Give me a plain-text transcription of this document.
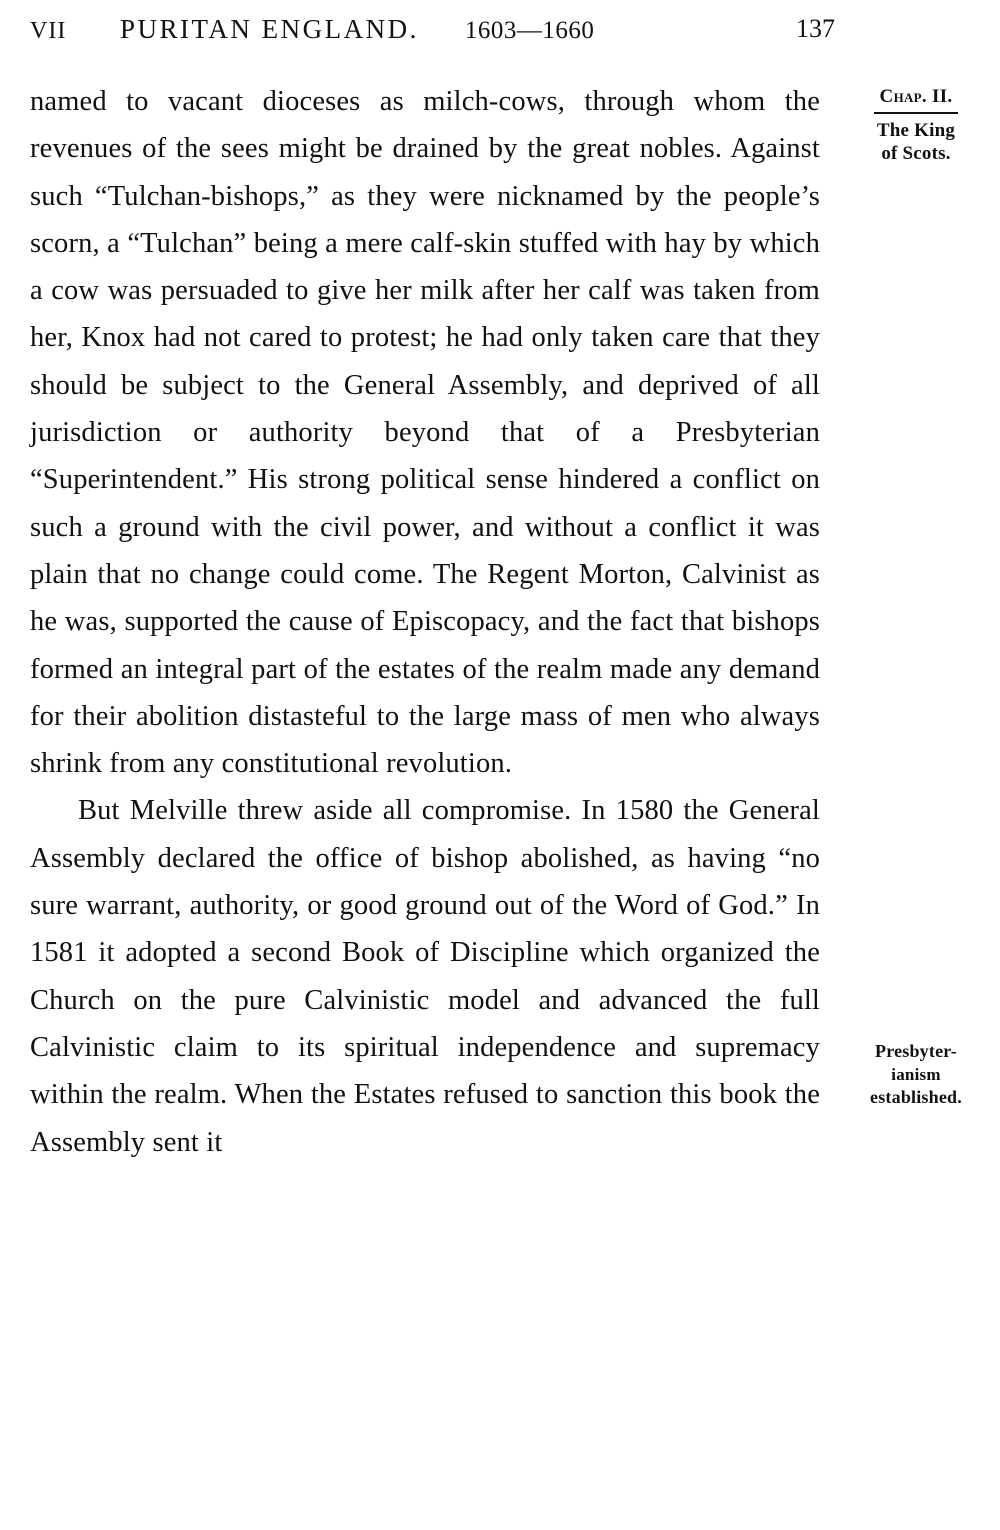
VII	PURITAN ENGLAND. 1603—1660	137

named to vacant dioceses as milch-cows, through whom the revenues of the sees might be drained by the great nobles. Against such “Tulchan-bishops,” as they were nicknamed by the people’s scorn, a “Tulchan” being a mere calf-skin stuffed with hay by which a cow was persuaded to give her milk after her calf was taken from her, Knox had not cared to protest; he had only taken care that they should be subject to the General Assembly, and deprived of all jurisdiction or authority beyond that of a Presbyterian “Superintendent.” His strong political sense hindered a conflict on such a ground with the civil power, and without a conflict it was plain that no change could come. The Regent Morton, Calvinist as he was, supported the cause of Episcopacy, and the fact that bishops formed an integral part of the estates of the realm made any demand for their abolition distasteful to the large mass of men who always shrink from any constitutional revolution.

But Melville threw aside all compromise. In 1580 the General Assembly declared the office of bishop abolished, as having “no sure warrant, authority, or good ground out of the Word of God.” In 1581 it adopted a second Book of Discipline which organized the Church on the pure Calvinistic model and advanced the full Calvinistic claim to its spiritual independence and supremacy within the realm. When the Estates refused to sanction this book the Assembly sent it

Chap. II.
The King
of Scots.
Presbyter-
ianism
established.
